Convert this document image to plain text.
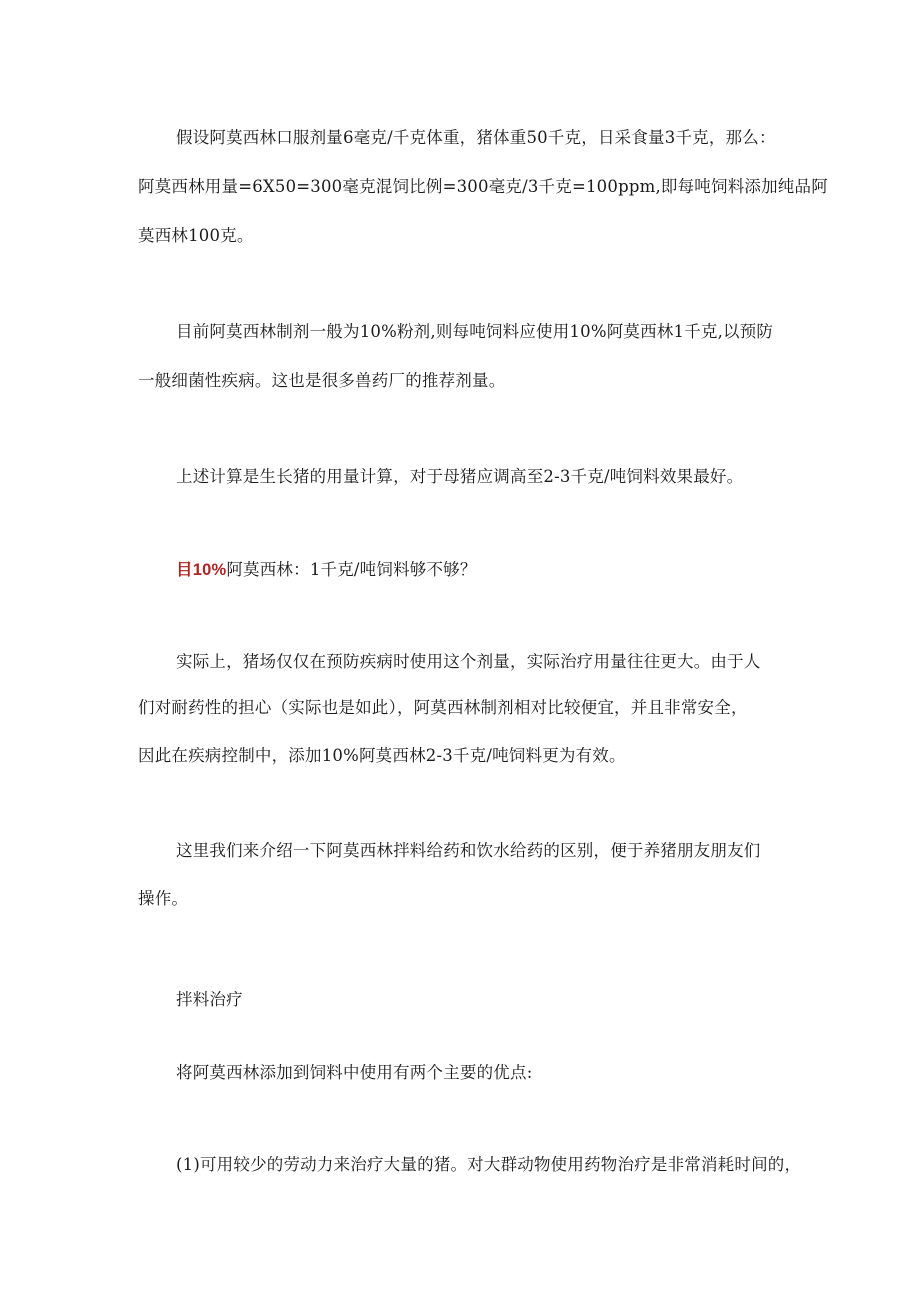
假设阿莫西林口服剂量6毫克/千克体重，猪体重50千克，日采食量3千克，那么：
阿莫西林用量=6X50=300毫克混饲比例=300毫克/3千克=100ppm,即每吨饲料添加纯品阿
莫西林100克。
目前阿莫西林制剂一般为10%粉剂,则每吨饲料应使用10%阿莫西林1千克,以预防
一般细菌性疾病。这也是很多兽药厂的推荐剂量。
上述计算是生长猪的用量计算，对于母猪应调高至2-3千克/吨饲料效果最好。
目10%阿莫西林：1千克/吨饲料够不够？
实际上，猪场仅仅在预防疾病时使用这个剂量，实际治疗用量往往更大。由于人
们对耐药性的担心（实际也是如此），阿莫西林制剂相对比较便宜，并且非常安全，
因此在疾病控制中，添加10%阿莫西林2-3千克/吨饲料更为有效。
这里我们来介绍一下阿莫西林拌料给药和饮水给药的区别，便于养猪朋友朋友们
操作。
拌料治疗
将阿莫西林添加到饲料中使用有两个主要的优点:
(1)可用较少的劳动力来治疗大量的猪。对大群动物使用药物治疗是非常消耗时间的，
